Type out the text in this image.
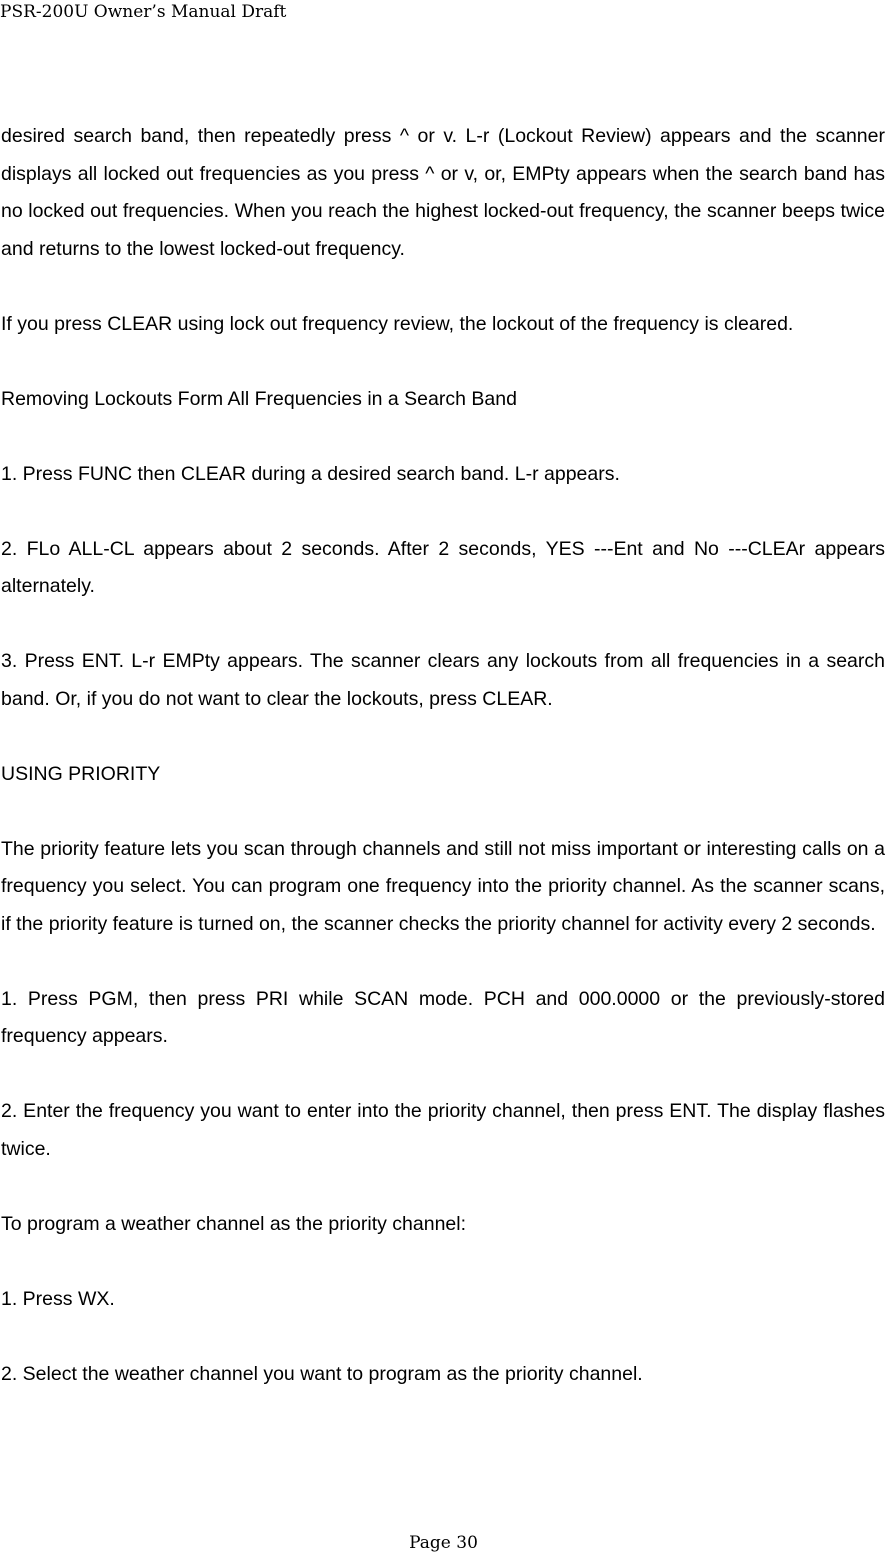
PSR-200U Owner’s Manual Draft

desired search band, then repeatedly press ^ or v. L-r (Lockout Review) appears and the scanner displays all locked out frequencies as you press ^ or v, or, EMPty appears when the search band has no locked out frequencies. When you reach the highest locked-out frequency, the scanner beeps twice and returns to the lowest locked-out frequency.

If you press CLEAR using lock out frequency review, the lockout of the frequency is cleared.

Removing Lockouts Form All Frequencies in a Search Band

1. Press FUNC then CLEAR during a desired search band. L-r appears.

2. FLo ALL-CL appears about 2 seconds. After 2 seconds, YES ---Ent and No ---CLEAr appears alternately.

3. Press ENT. L-r EMPty appears. The scanner clears any lockouts from all frequencies in a search band. Or, if you do not want to clear the lockouts, press CLEAR.

USING PRIORITY

The priority feature lets you scan through channels and still not miss important or interesting calls on a frequency you select. You can program one frequency into the priority channel. As the scanner scans, if the priority feature is turned on, the scanner checks the priority channel for activity every 2 seconds.

1. Press PGM, then press PRI while SCAN mode. PCH and 000.0000 or the previously-stored frequency appears.

2. Enter the frequency you want to enter into the priority channel, then press ENT. The display flashes twice.

To program a weather channel as the priority channel:

1. Press WX.

2. Select the weather channel you want to program as the priority channel.

Page 30
